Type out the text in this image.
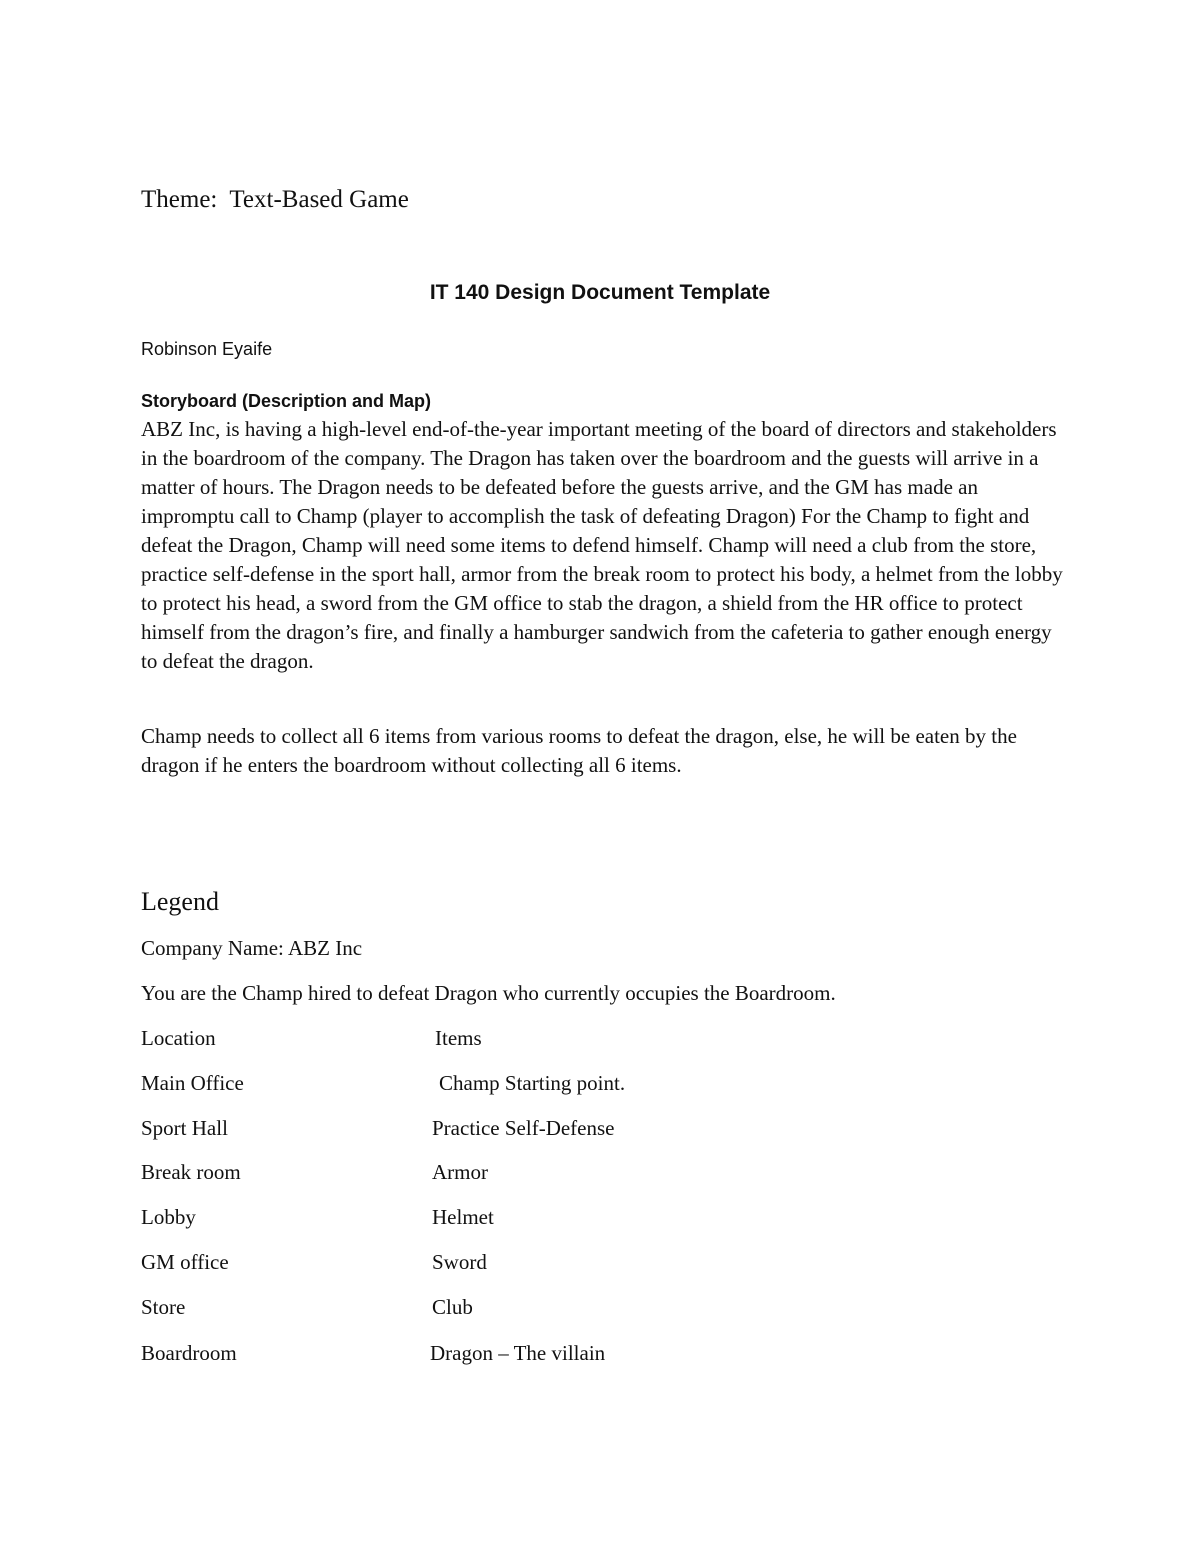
Theme:  Text-Based Game
IT 140 Design Document Template
Robinson Eyaife
Storyboard (Description and Map)

ABZ Inc, is having a high-level end-of-the-year important meeting of the board of directors and stakeholders in the boardroom of the company. The Dragon has taken over the boardroom and the guests will arrive in a matter of hours. The Dragon needs to be defeated before the guests arrive, and the GM has made an impromptu call to Champ (player to accomplish the task of defeating Dragon) For the Champ to fight and defeat the Dragon, Champ will need some items to defend himself. Champ will need a club from the store, practice self-defense in the sport hall, armor from the break room to protect his body, a helmet from the lobby to protect his head, a sword from the GM office to stab the dragon, a shield from the HR office to protect himself from the dragon’s fire, and finally a hamburger sandwich from the cafeteria to gather enough energy to defeat the dragon.

Champ needs to collect all 6 items from various rooms to defeat the dragon, else, he will be eaten by the dragon if he enters the boardroom without collecting all 6 items.

Legend
Company Name: ABZ Inc
You are the Champ hired to defeat Dragon who currently occupies the Boardroom.
Location	Items
Main Office	Champ Starting point.
Sport Hall	Practice Self-Defense
Break room	Armor
Lobby	Helmet
GM office	Sword
Store	Club
Boardroom	Dragon – The villain
